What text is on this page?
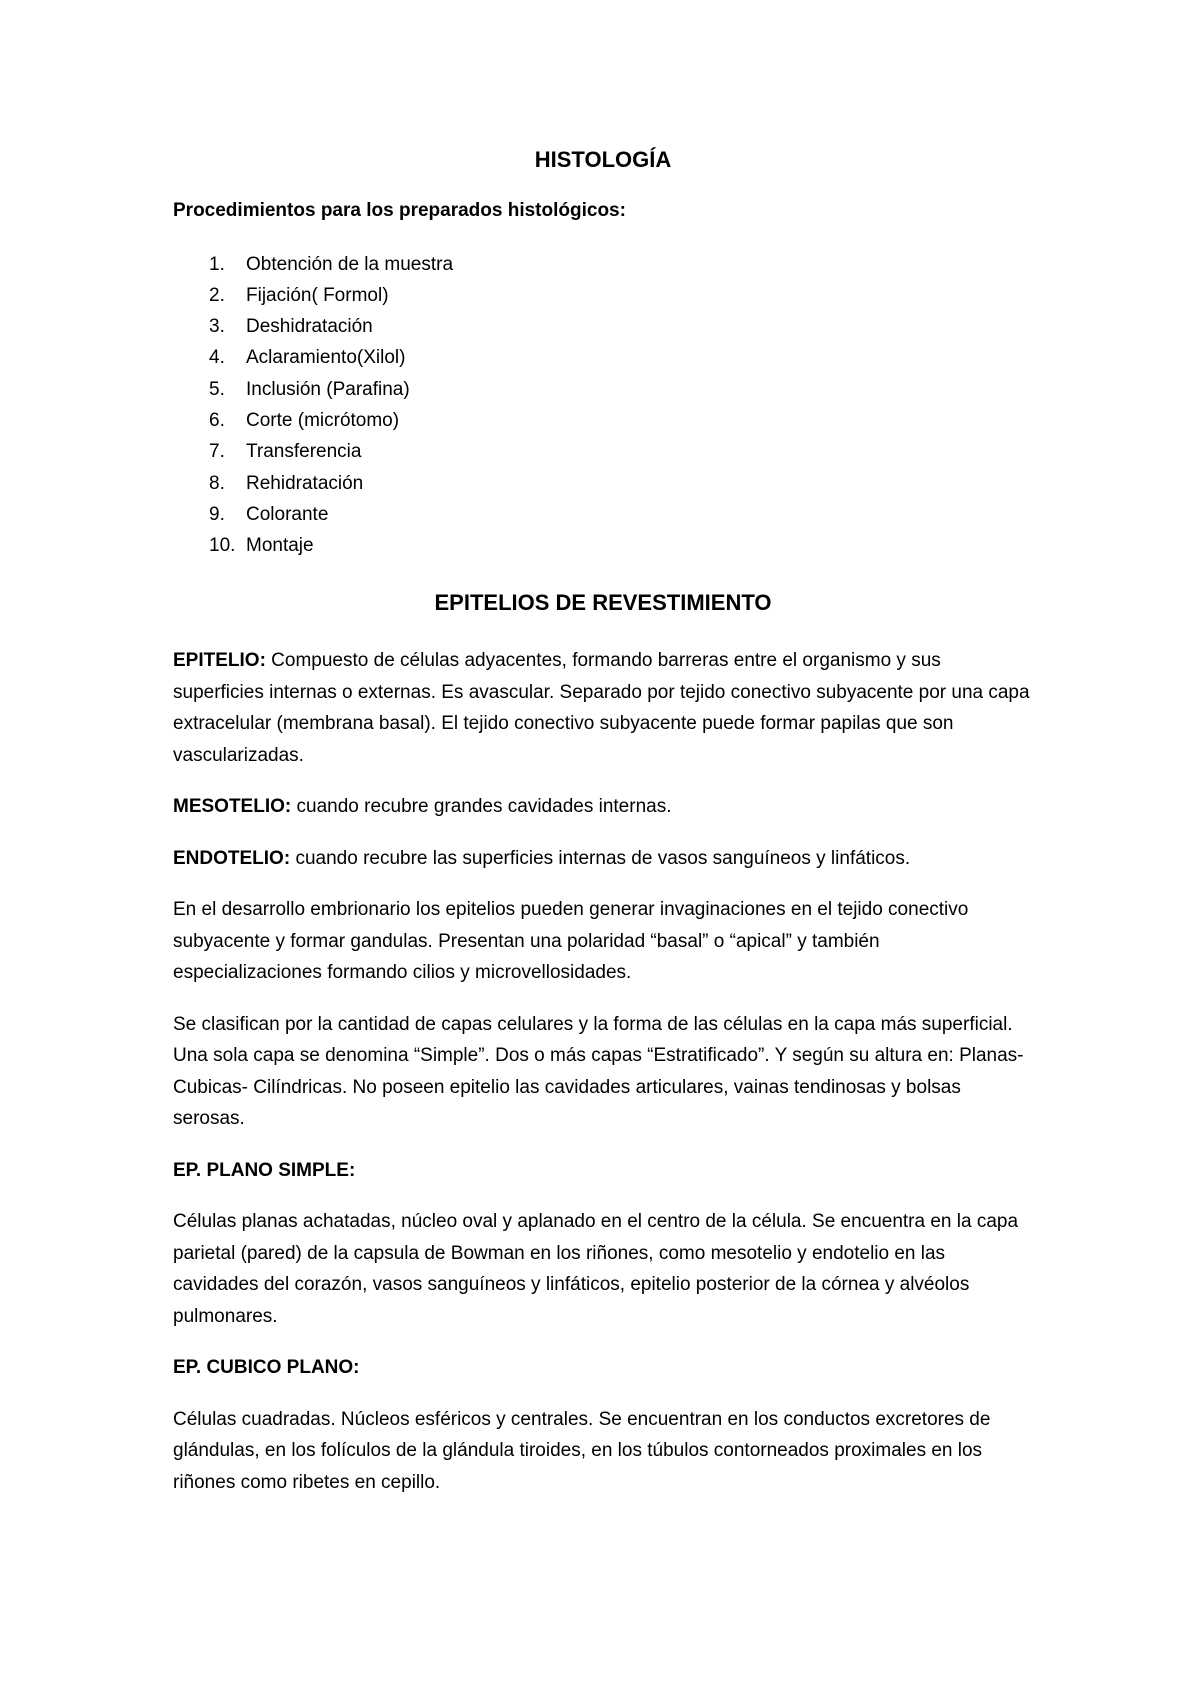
HISTOLOGÍA
Procedimientos para los preparados histológicos:
1.	Obtención de la muestra
2.	Fijación( Formol)
3.	Deshidratación
4.	Aclaramiento(Xilol)
5.	Inclusión (Parafina)
6.	Corte (micrótomo)
7.	Transferencia
8.	Rehidratación
9.	Colorante
10. Montaje
EPITELIOS DE REVESTIMIENTO

EPITELIO: Compuesto de células adyacentes, formando barreras entre el organismo y sus superficies internas o externas. Es avascular. Separado por tejido conectivo subyacente por una capa extracelular (membrana basal). El tejido conectivo subyacente puede formar papilas que son vascularizadas.

MESOTELIO: cuando recubre grandes cavidades internas.

ENDOTELIO: cuando recubre las superficies internas de vasos sanguíneos y linfáticos.

En el desarrollo embrionario los epitelios pueden generar invaginaciones en el tejido conectivo subyacente y formar gandulas. Presentan una polaridad “basal” o “apical” y también especializaciones formando cilios y microvellosidades.

Se clasifican por la cantidad de capas celulares y la forma de las células en la capa más superficial. Una sola capa se denomina “Simple”. Dos o más capas “Estratificado”. Y según su altura en: Planas- Cubicas- Cilíndricas. No poseen epitelio las cavidades articulares, vainas tendinosas y bolsas serosas.

EP. PLANO SIMPLE:

Células planas achatadas, núcleo oval y aplanado en el centro de la célula. Se encuentra en la capa parietal (pared) de la capsula de Bowman en los riñones, como mesotelio y endotelio en las cavidades del corazón, vasos sanguíneos y linfáticos, epitelio posterior de la córnea y alvéolos pulmonares.

EP. CUBICO PLANO:

Células cuadradas. Núcleos esféricos y centrales. Se encuentran en los conductos excretores de glándulas, en los folículos de la glándula tiroides, en los túbulos contorneados proximales en los riñones como ribetes en cepillo.
